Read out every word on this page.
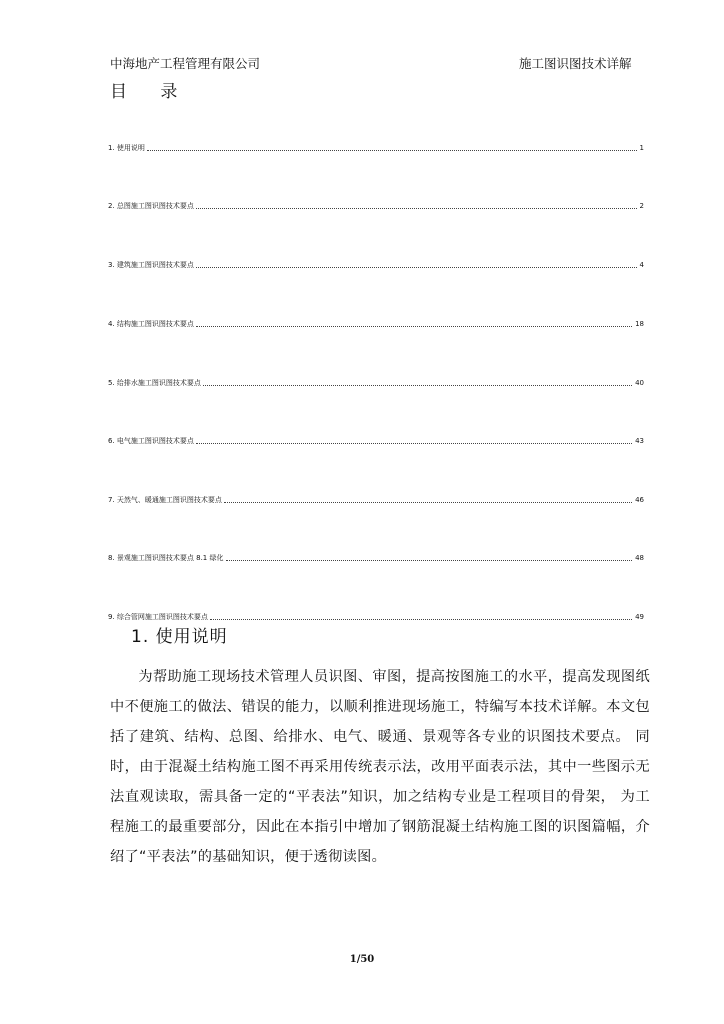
中海地产工程管理有限公司	施工图识图技术详解
目 录
1. 使用说明	1
2. 总图施工图识图技术要点	2
3. 建筑施工图识图技术要点	4
4. 结构施工图识图技术要点	18
5. 给排水施工图识图技术要点	40
6. 电气施工图识图技术要点	43
7. 天然气、暖通施工图识图技术要点	46
8. 景观施工图识图技术要点 8.1 绿化	48
9. 综合管网施工图识图技术要点	49
1. 使用说明
为帮助施工现场技术管理人员识图、审图，提高按图施工的水平，提高发现图纸中不便施工的做法、错误的能力，以顺利推进现场施工，特编写本技术详解。本文包括了建筑、结构、总图、给排水、电气、暖通、景观等各专业的识图技术要点。 同时，由于混凝土结构施工图不再采用传统表示法，改用平面表示法，其中一些图示无法直观读取，需具备一定的“平表法”知识，加之结构专业是工程项目的骨架， 为工程施工的最重要部分，因此在本指引中增加了钢筋混凝土结构施工图的识图篇幅，介绍了“平表法”的基础知识，便于透彻读图。
1/50
